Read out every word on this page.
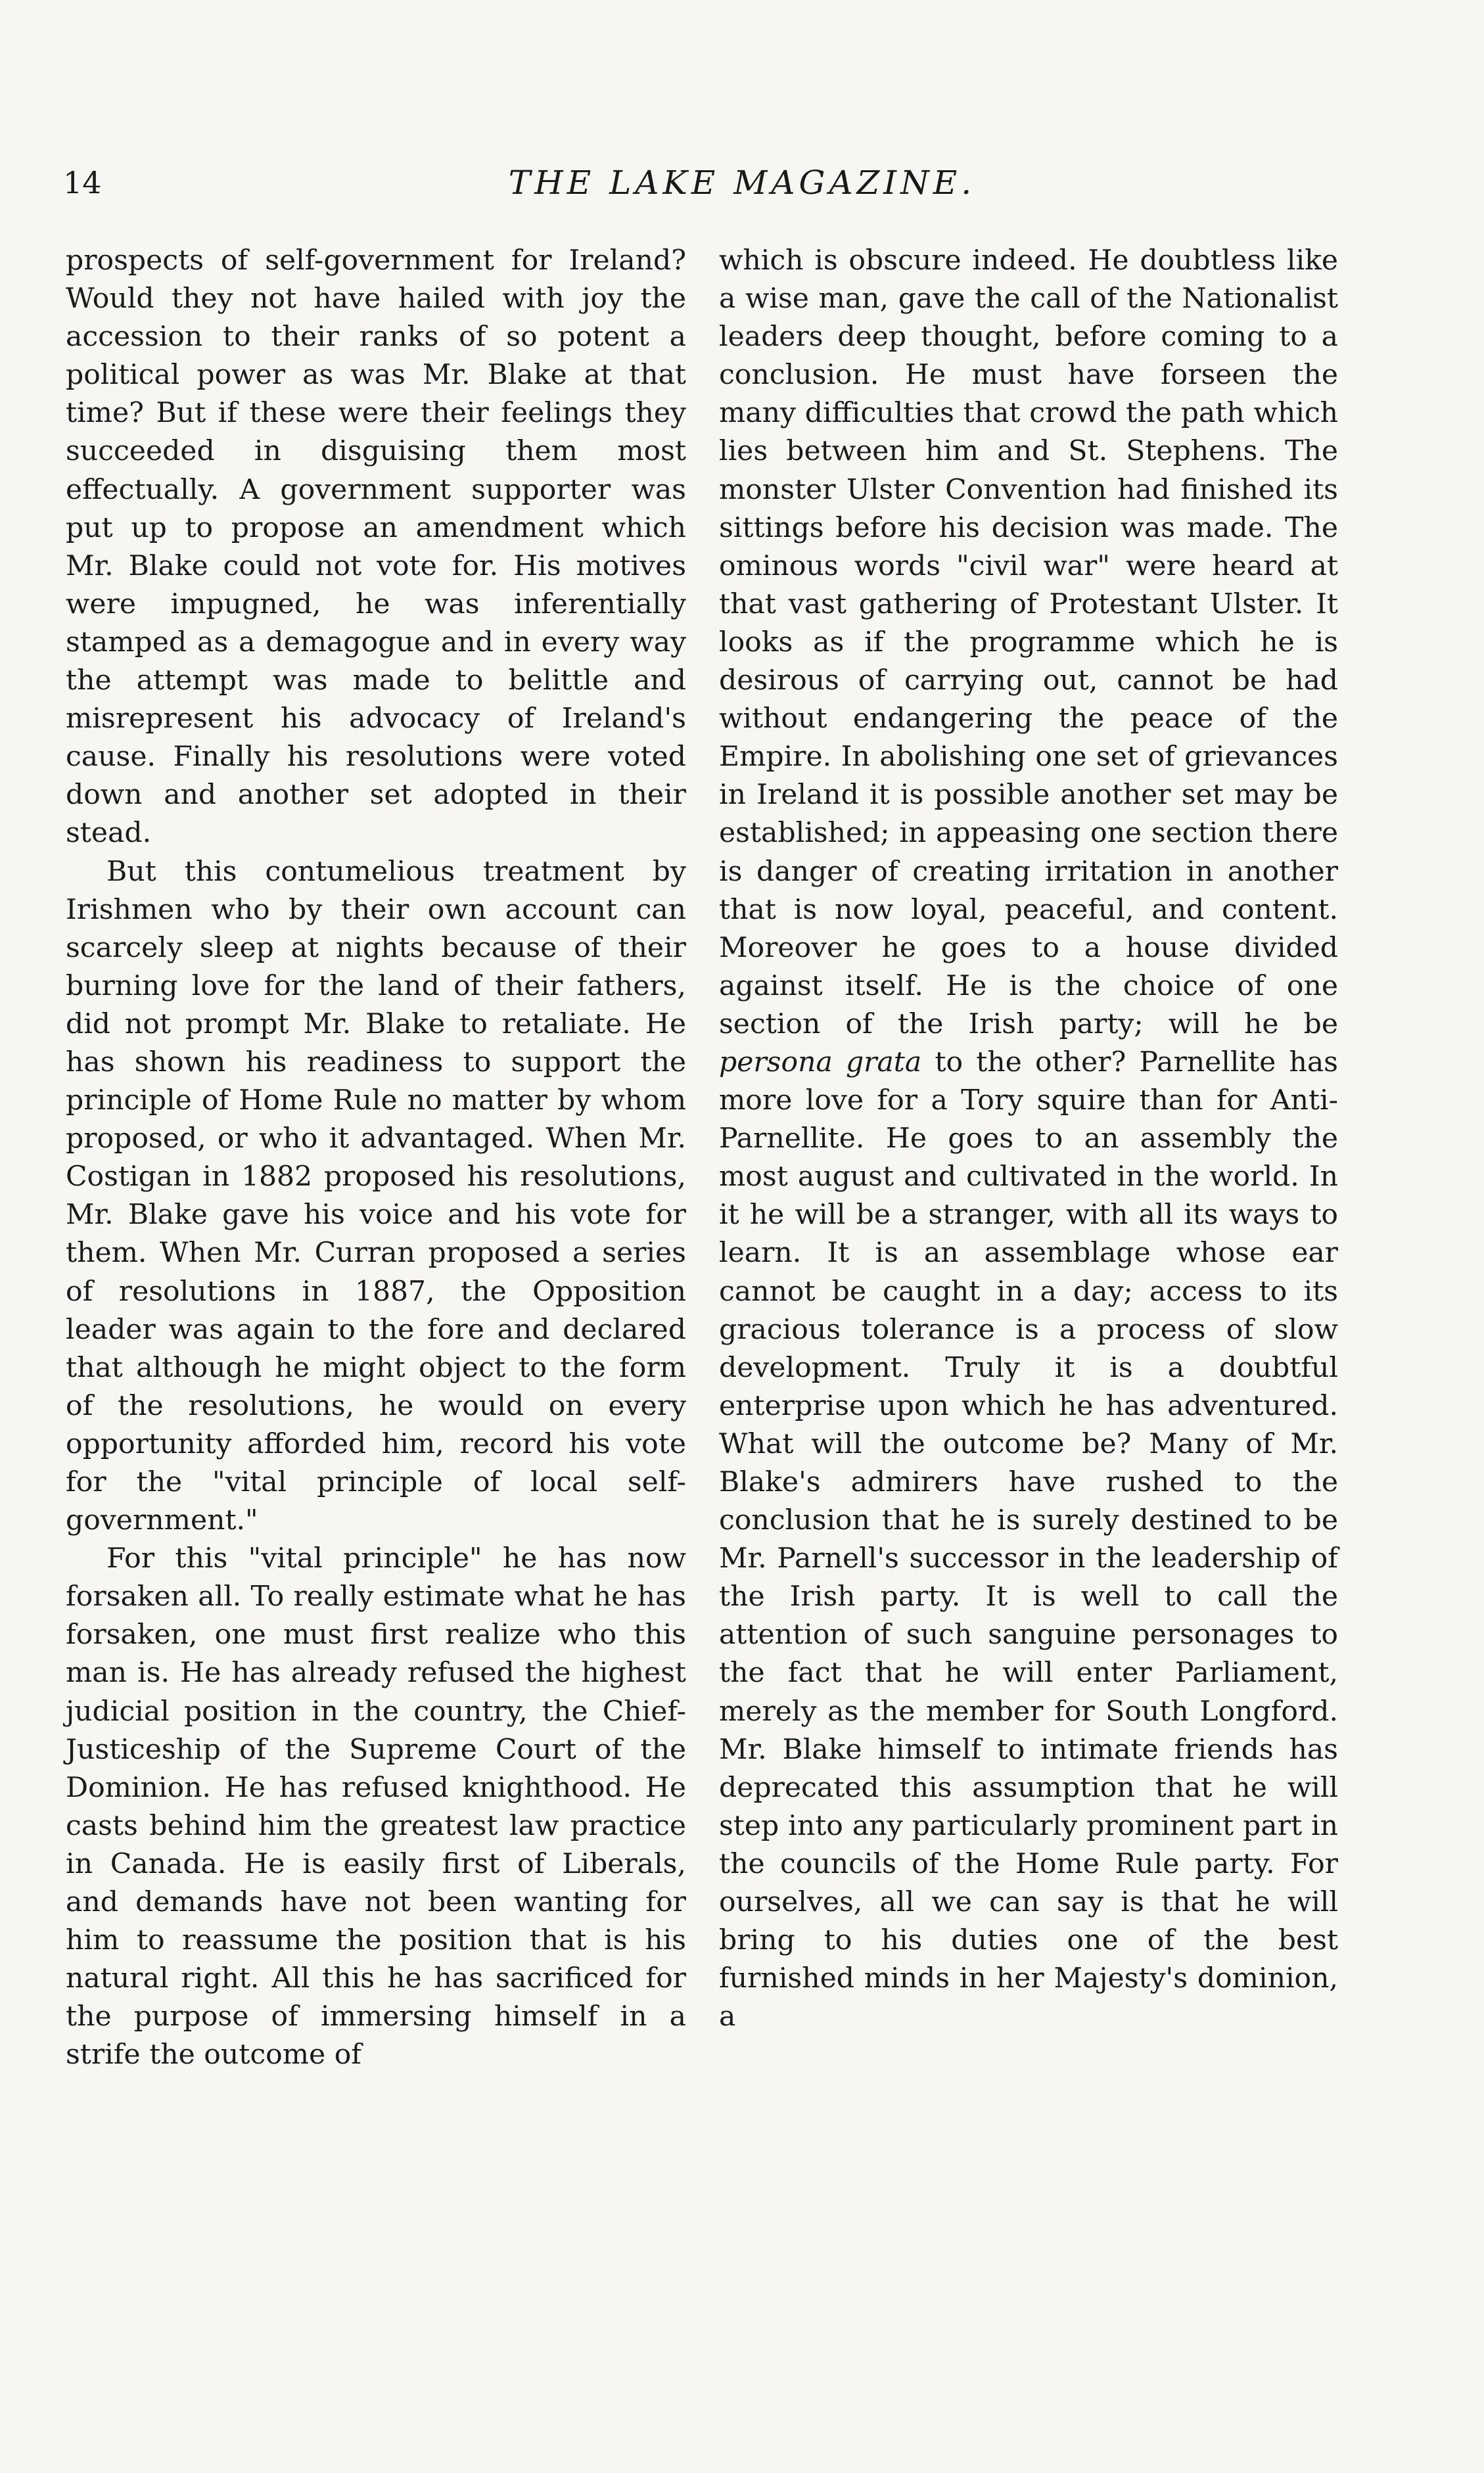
14	THE LAKE MAGAZINE.

prospects of self-government for Ireland? Would they not have hailed with joy the accession to their ranks of so potent a political power as was Mr. Blake at that time? But if these were their feelings they succeeded in disguising them most effectually. A government supporter was put up to propose an amendment which Mr. Blake could not vote for. His motives were impugned, he was inferentially stamped as a demagogue and in every way the attempt was made to belittle and misrepresent his advocacy of Ireland's cause. Finally his resolutions were voted down and another set adopted in their stead.

But this contumelious treatment by Irishmen who by their own account can scarcely sleep at nights because of their burning love for the land of their fathers, did not prompt Mr. Blake to retaliate. He has shown his readiness to support the principle of Home Rule no matter by whom proposed, or who it advantaged. When Mr. Costigan in 1882 proposed his resolutions, Mr. Blake gave his voice and his vote for them. When Mr. Curran proposed a series of resolutions in 1887, the Opposition leader was again to the fore and declared that although he might object to the form of the resolutions, he would on every opportunity afforded him, record his vote for the "vital principle of local self-government."

For this "vital principle" he has now forsaken all. To really estimate what he has forsaken, one must first realize who this man is. He has already refused the highest judicial position in the country, the Chief-Justiceship of the Supreme Court of the Dominion. He has refused knighthood. He casts behind him the greatest law practice in Canada. He is easily first of Liberals, and demands have not been wanting for him to reassume the position that is his natural right. All this he has sacrificed for the purpose of immersing himself in a strife the outcome of

which is obscure indeed. He doubtless like a wise man, gave the call of the Nationalist leaders deep thought, before coming to a conclusion. He must have forseen the many difficulties that crowd the path which lies between him and St. Stephens. The monster Ulster Convention had finished its sittings before his decision was made. The ominous words "civil war" were heard at that vast gathering of Protestant Ulster. It looks as if the programme which he is desirous of carrying out, cannot be had without endangering the peace of the Empire. In abolishing one set of grievances in Ireland it is possible another set may be established; in appeasing one section there is danger of creating irritation in another that is now loyal, peaceful, and content. Moreover he goes to a house divided against itself. He is the choice of one section of the Irish party; will he be persona grata to the other? Parnellite has more love for a Tory squire than for Anti-Parnellite. He goes to an assembly the most august and cultivated in the world. In it he will be a stranger, with all its ways to learn. It is an assemblage whose ear cannot be caught in a day; access to its gracious tolerance is a process of slow development. Truly it is a doubtful enterprise upon which he has adventured. What will the outcome be? Many of Mr. Blake's admirers have rushed to the conclusion that he is surely destined to be Mr. Parnell's successor in the leadership of the Irish party. It is well to call the attention of such sanguine personages to the fact that he will enter Parliament, merely as the member for South Longford. Mr. Blake himself to intimate friends has deprecated this assumption that he will step into any particularly prominent part in the councils of the Home Rule party. For ourselves, all we can say is that he will bring to his duties one of the best furnished minds in her Majesty's dominion, a
